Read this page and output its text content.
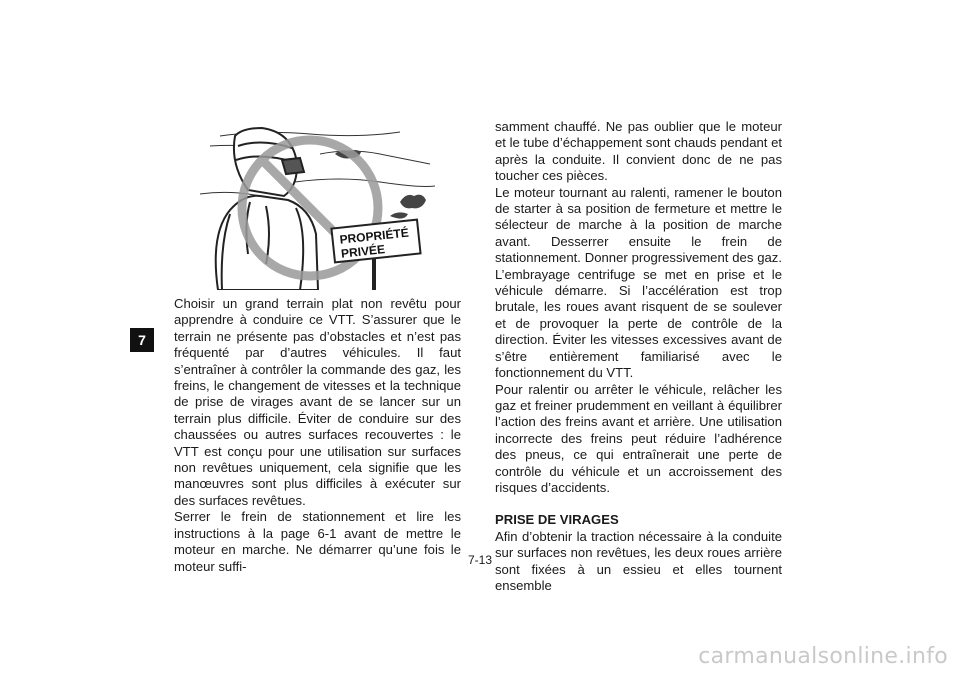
7
PROPRIÉTÉ
PRIVÉE

Choisir un grand terrain plat non revêtu pour apprendre à conduire ce VTT. S’assurer que le terrain ne présente pas d’obstacles et n’est pas fréquenté par d’autres véhicules. Il faut s’entraîner à contrôler la commande des gaz, les freins, le changement de vitesses et la technique de prise de virages avant de se lancer sur un terrain plus difficile. Éviter de conduire sur des chaussées ou autres surfaces recouvertes : le VTT est conçu pour une utilisation sur surfaces non revêtues uniquement, cela signifie que les manœuvres sont plus difficiles à exécuter sur des surfaces revêtues.

Serrer le frein de stationnement et lire les instructions à la page 6-1 avant de mettre le moteur en marche. Ne démarrer qu’une fois le moteur suffi-

samment chauffé. Ne pas oublier que le moteur et le tube d’échappement sont chauds pendant et après la conduite. Il convient donc de ne pas toucher ces pièces.

Le moteur tournant au ralenti, ramener le bouton de starter à sa position de fermeture et mettre le sélecteur de marche à la position de marche avant. Desserrer ensuite le frein de stationnement. Donner progressivement des gaz. L’embrayage centrifuge se met en prise et le véhicule démarre. Si l’accélération est trop brutale, les roues avant risquent de se soulever et de provoquer la perte de contrôle de la direction. Éviter les vitesses excessives avant de s’être entièrement familiarisé avec le fonctionnement du VTT.

Pour ralentir ou arrêter le véhicule, relâcher les gaz et freiner prudemment en veillant à équilibrer l’action des freins avant et arrière. Une utilisation incorrecte des freins peut réduire l’adhérence des pneus, ce qui entraînerait une perte de contrôle du véhicule et un accroissement des risques d’accidents.

PRISE DE VIRAGES

Afin d’obtenir la traction nécessaire à la conduite sur surfaces non revêtues, les deux roues arrière sont fixées à un essieu et elles tournent ensemble

7-13
carmanualsonline.info
